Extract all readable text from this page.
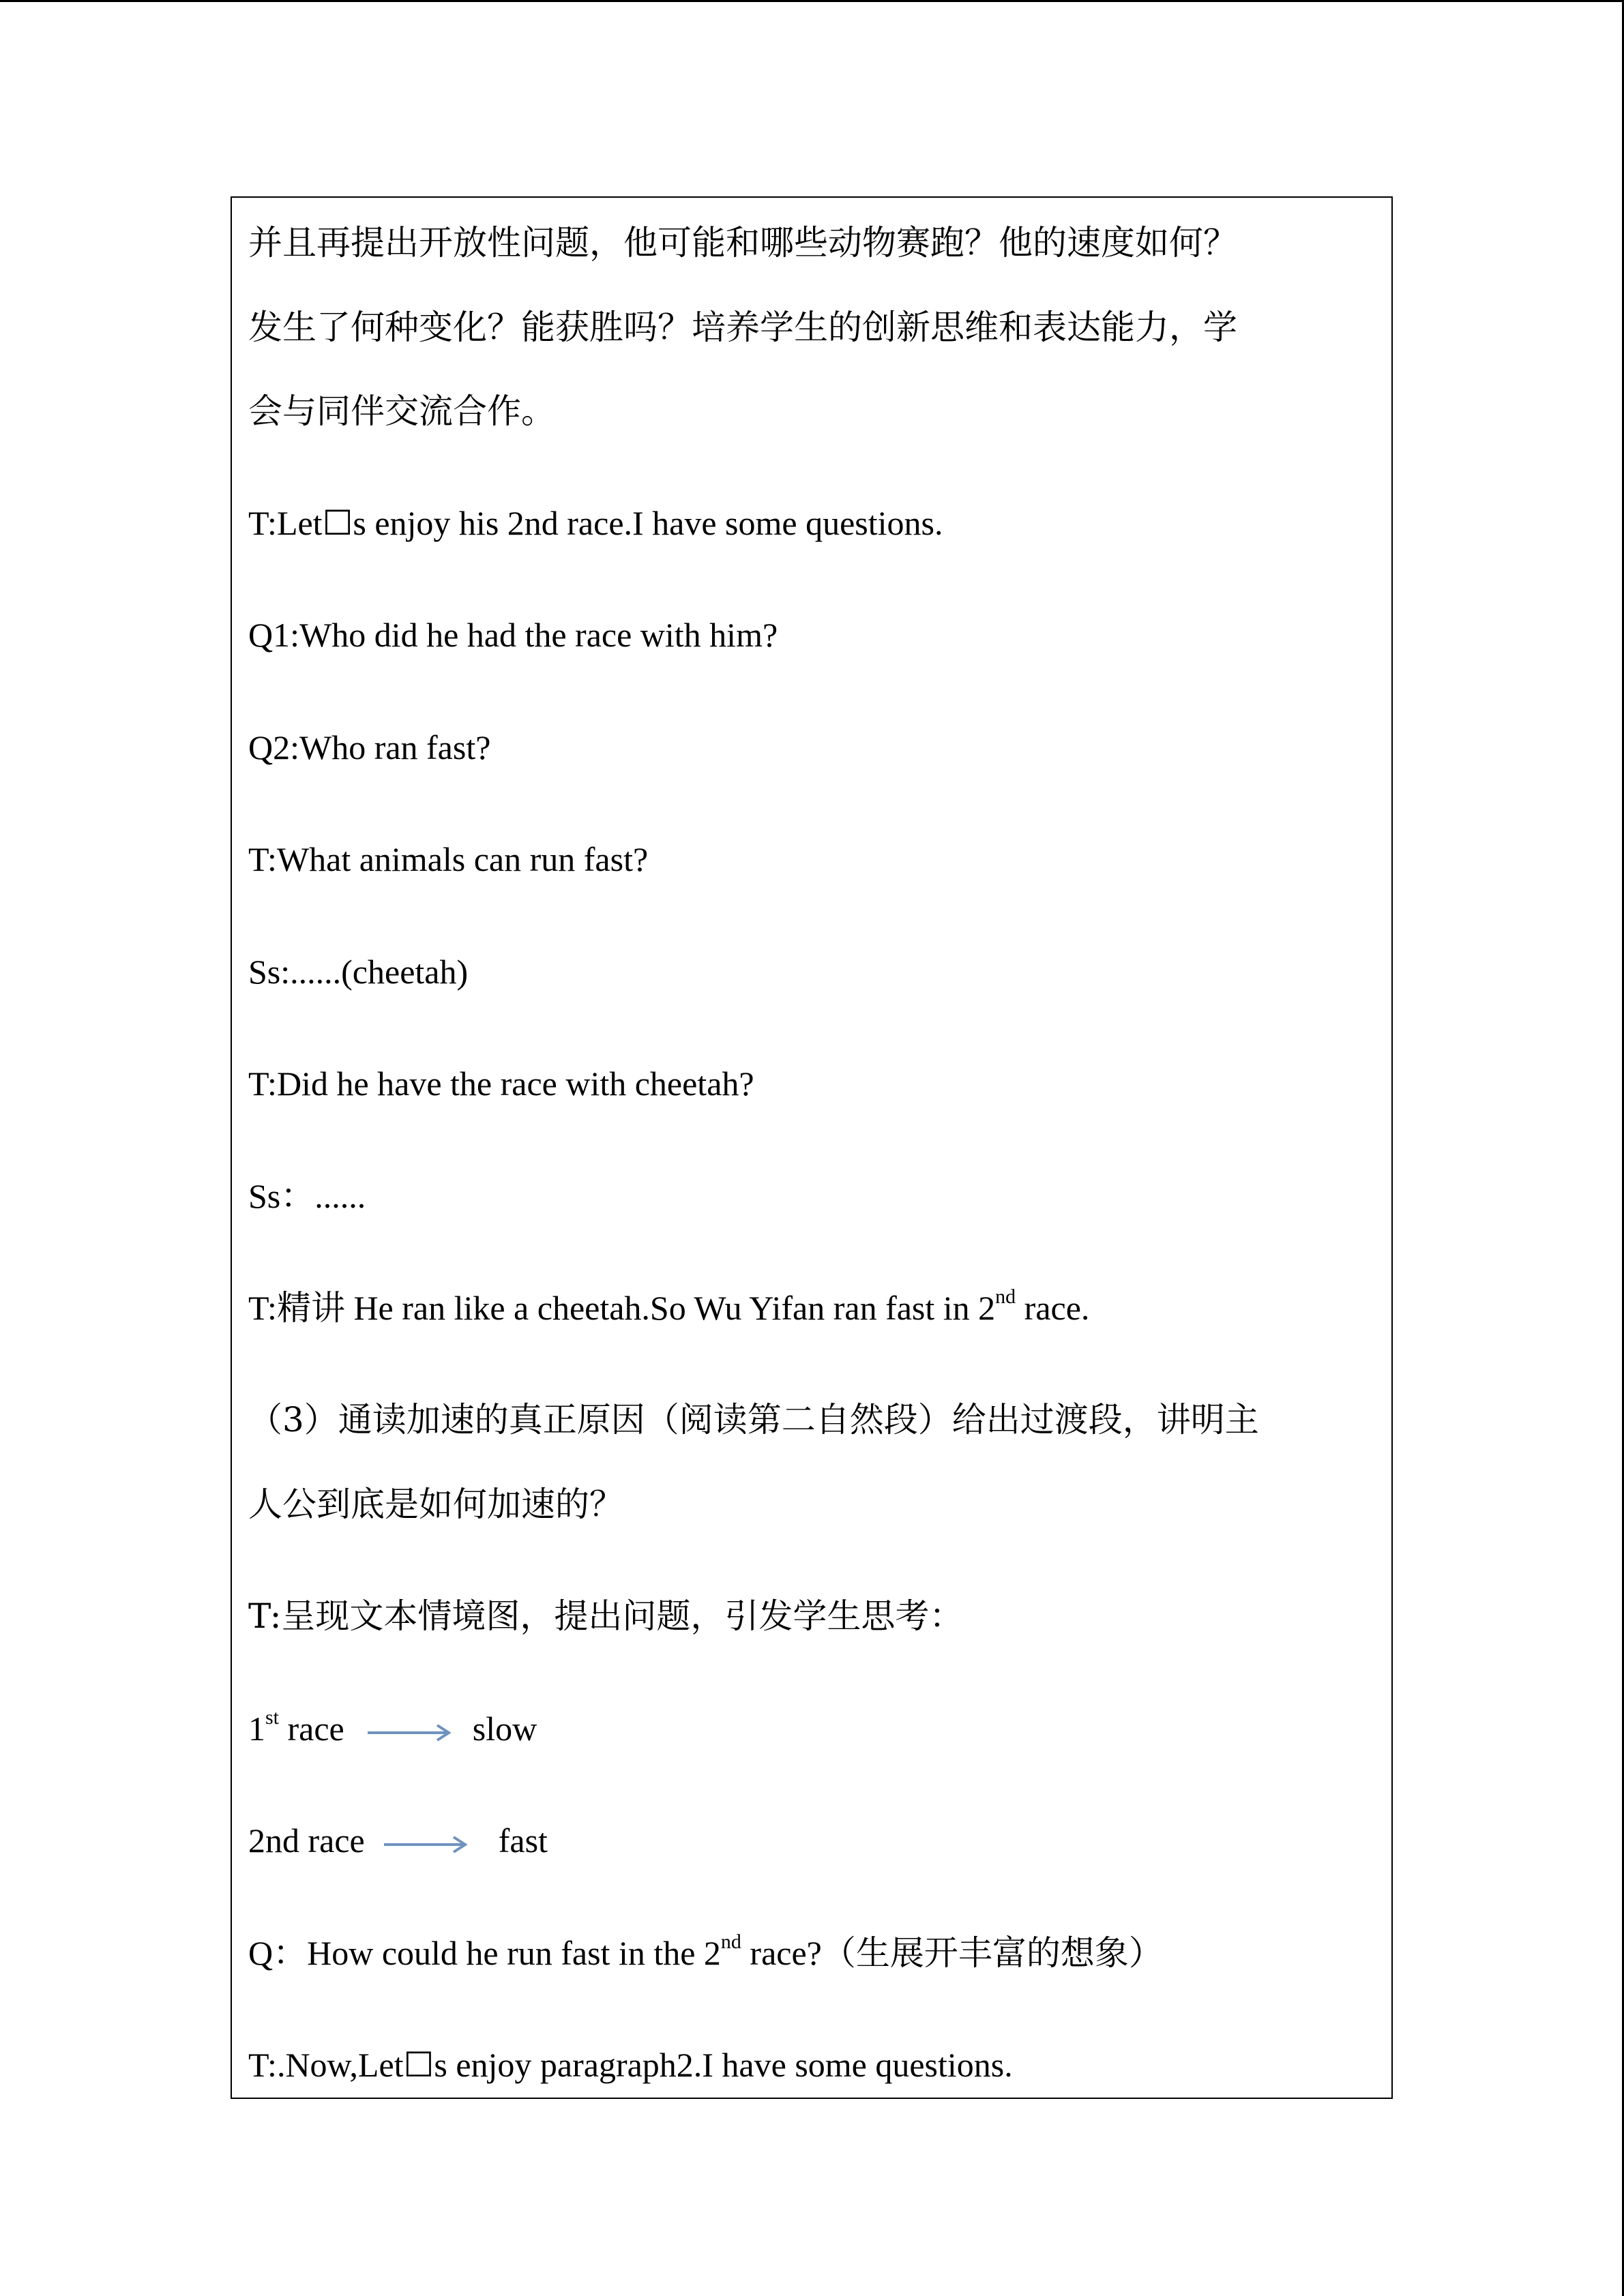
并且再提出开放性问题，他可能和哪些动物赛跑？他的速度如何？
发生了何种变化？能获胜吗？培养学生的创新思维和表达能力，学
会与同伴交流合作。
T:Let☐s enjoy his 2nd race.I have some questions.
Q1:Who did he had the race with him?
Q2:Who ran fast?
T:What animals can run fast?
Ss:......(cheetah)
T:Did he have the race with cheetah?
Ss：......
T:精讲 He ran like a cheetah.So Wu Yifan ran fast in 2nd race.
（3）通读加速的真正原因（阅读第二自然段）给出过渡段，讲明主
人公到底是如何加速的？
T:呈现文本情境图，提出问题，引发学生思考：
1st race	slow
2nd race	fast
Q：How could he run fast in the 2nd race?（生展开丰富的想象）
T:.Now,Let☐s enjoy paragraph2.I have some questions.
